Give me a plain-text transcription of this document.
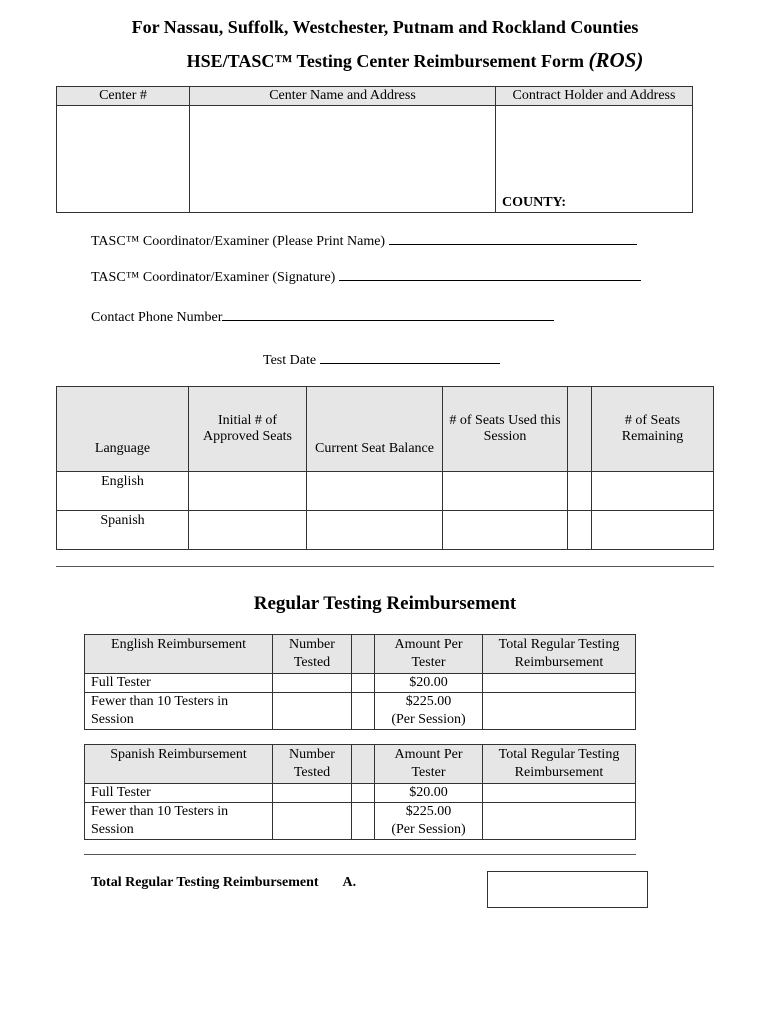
For Nassau, Suffolk, Westchester, Putnam and Rockland Counties
HSE/TASC™ Testing Center Reimbursement Form (ROS)
Center #	Center Name and Address	Contract Holder and Address
		COUNTY:
TASC™ Coordinator/Examiner (Please Print Name)
TASC™ Coordinator/Examiner (Signature)
Contact Phone Number
Test Date
Language	Initial # of Approved Seats	Current Seat Balance	# of Seats Used this Session		# of Seats Remaining
English					
Spanish					
Regular Testing Reimbursement
English Reimbursement	Number Tested		Amount Per Tester	Total Regular Testing Reimbursement
Full Tester			$20.00	
Fewer than 10 Testers in Session			$225.00
(Per Session)	
Spanish Reimbursement	Number Tested		Amount Per Tester	Total Regular Testing Reimbursement
Full Tester			$20.00	
Fewer than 10 Testers in Session			$225.00
(Per Session)	
Total Regular Testing Reimbursement A.
